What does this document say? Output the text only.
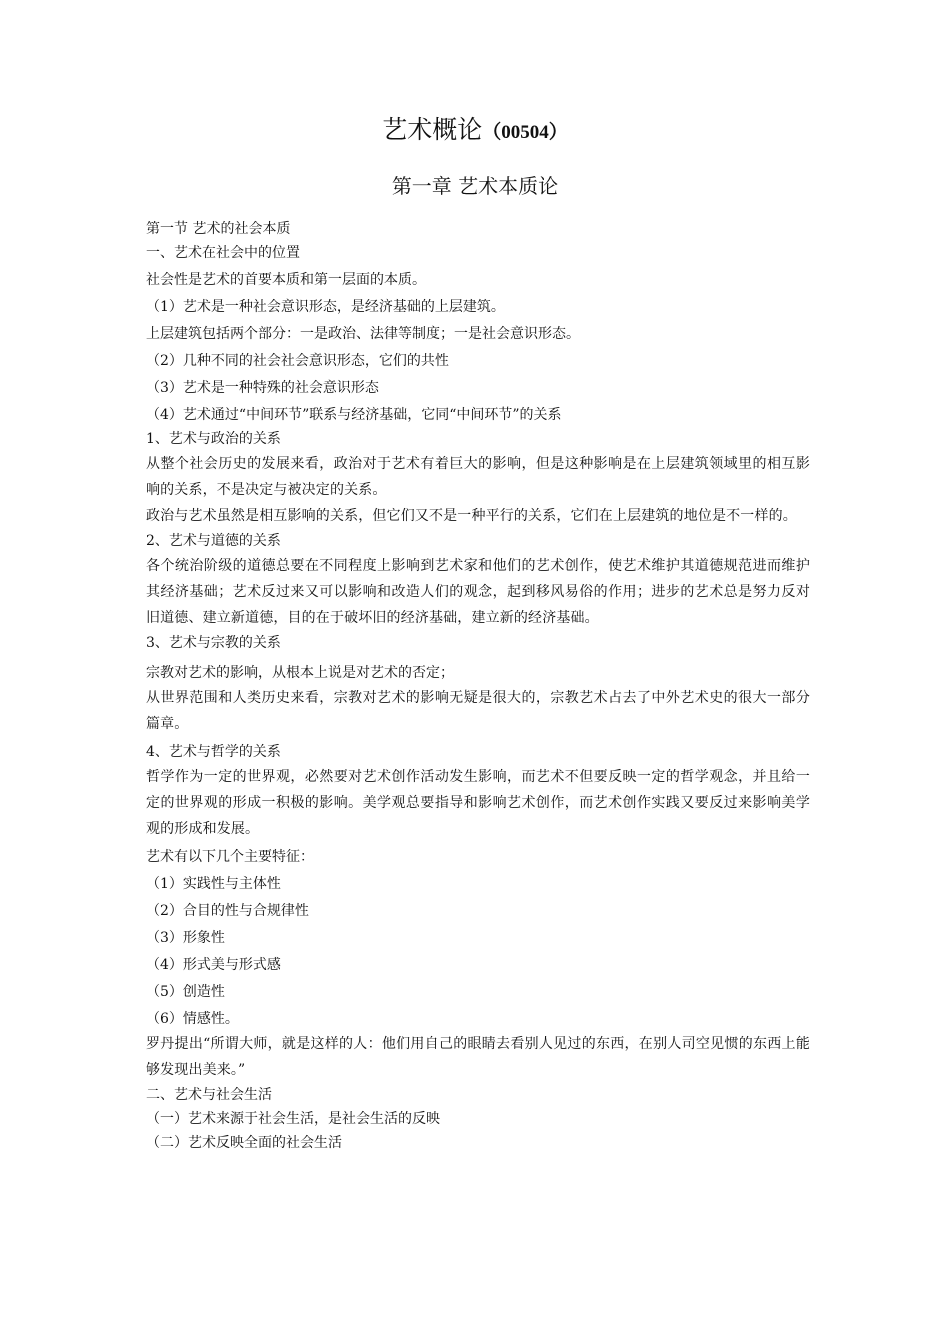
艺术概论（00504）
第一章 艺术本质论
第一节 艺术的社会本质
一、艺术在社会中的位置
社会性是艺术的首要本质和第一层面的本质。
（1）艺术是一种社会意识形态，是经济基础的上层建筑。
上层建筑包括两个部分：一是政治、法律等制度；一是社会意识形态。
（2）几种不同的社会社会意识形态，它们的共性
（3）艺术是一种特殊的社会意识形态
（4）艺术通过“中间环节”联系与经济基础，它同“中间环节”的关系
1、艺术与政治的关系
从整个社会历史的发展来看，政治对于艺术有着巨大的影响，但是这种影响是在上层建筑领域里的相互影响的关系，不是决定与被决定的关系。
政治与艺术虽然是相互影响的关系，但它们又不是一种平行的关系，它们在上层建筑的地位是不一样的。
2、艺术与道德的关系
各个统治阶级的道德总要在不同程度上影响到艺术家和他们的艺术创作，使艺术维护其道德规范进而维护其经济基础；艺术反过来又可以影响和改造人们的观念，起到移风易俗的作用；进步的艺术总是努力反对旧道德、建立新道德，目的在于破坏旧的经济基础，建立新的经济基础。
3、艺术与宗教的关系
宗教对艺术的影响，从根本上说是对艺术的否定；
从世界范围和人类历史来看，宗教对艺术的影响无疑是很大的，宗教艺术占去了中外艺术史的很大一部分篇章。
4、艺术与哲学的关系
哲学作为一定的世界观，必然要对艺术创作活动发生影响，而艺术不但要反映一定的哲学观念，并且给一定的世界观的形成一积极的影响。美学观总要指导和影响艺术创作，而艺术创作实践又要反过来影响美学观的形成和发展。
艺术有以下几个主要特征：
（1）实践性与主体性
（2）合目的性与合规律性
（3）形象性
（4）形式美与形式感
（5）创造性
（6）情感性。
罗丹提出“所谓大师，就是这样的人：他们用自己的眼睛去看别人见过的东西，在别人司空见惯的东西上能够发现出美来。”
二、艺术与社会生活
（一）艺术来源于社会生活，是社会生活的反映
（二）艺术反映全面的社会生活
